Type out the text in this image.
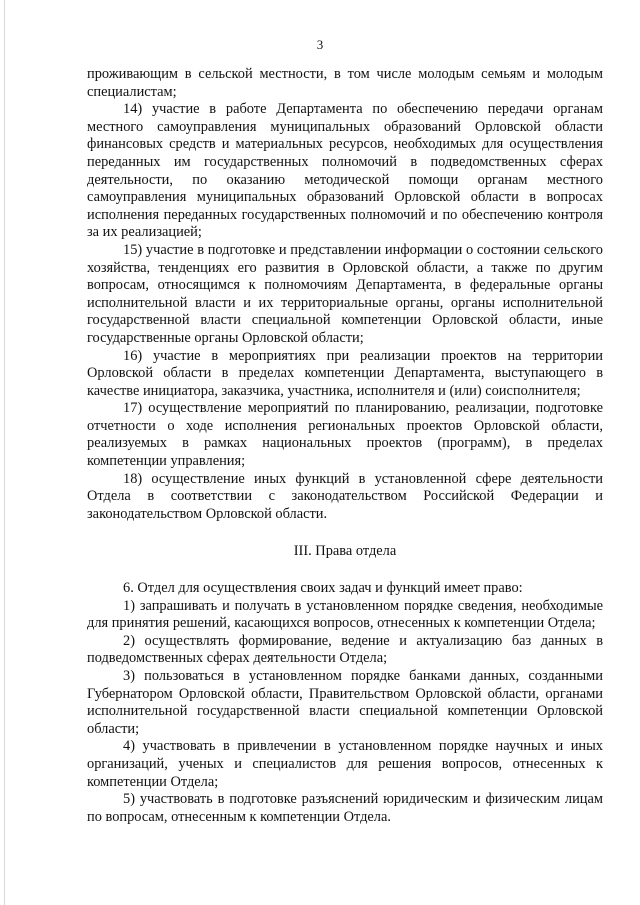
3
проживающим в сельской местности, в том числе молодым семьям и молодым специалистам;
14) участие в работе Департамента по обеспечению передачи органам местного самоуправления муниципальных образований Орловской области финансовых средств и материальных ресурсов, необходимых для осуществления переданных им государственных полномочий в подведомственных сферах деятельности, по оказанию методической помощи органам местного самоуправления муниципальных образований Орловской области в вопросах исполнения переданных государственных полномочий и по обеспечению контроля за их реализацией;
15) участие в подготовке и представлении информации о состоянии сельского хозяйства, тенденциях его развития в Орловской области, а также по другим вопросам, относящимся к полномочиям Департамента, в федеральные органы исполнительной власти и их территориальные органы, органы исполнительной государственной власти специальной компетенции Орловской области, иные государственные органы Орловской области;
16) участие в мероприятиях при реализации проектов на территории Орловской области в пределах компетенции Департамента, выступающего в качестве инициатора, заказчика, участника, исполнителя и (или) соисполнителя;
17) осуществление мероприятий по планированию, реализации, подготовке отчетности о ходе исполнения региональных проектов Орловской области, реализуемых в рамках национальных проектов (программ), в пределах компетенции управления;
18) осуществление иных функций в установленной сфере деятельности Отдела в соответствии с законодательством Российской Федерации и законодательством Орловской области.
III. Права отдела
6. Отдел для осуществления своих задач и функций имеет право:
1) запрашивать и получать в установленном порядке сведения, необходимые для принятия решений, касающихся вопросов, отнесенных к компетенции Отдела;
2) осуществлять формирование, ведение и актуализацию баз данных в подведомственных сферах деятельности Отдела;
3) пользоваться в установленном порядке банками данных, созданными Губернатором Орловской области, Правительством Орловской области, органами исполнительной государственной власти специальной компетенции Орловской области;
4) участвовать в привлечении в установленном порядке научных и иных организаций, ученых и специалистов для решения вопросов, отнесенных к компетенции Отдела;
5) участвовать в подготовке разъяснений юридическим и физическим лицам по вопросам, отнесенным к компетенции Отдела.
